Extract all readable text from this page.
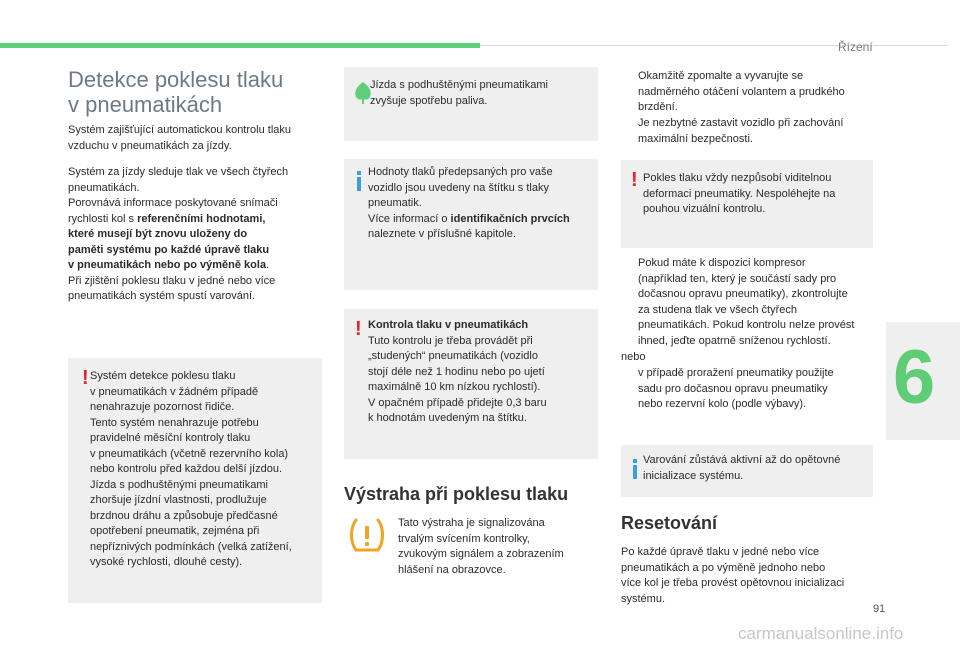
Řízení
6
91
carmanualsonline.info
Detekce poklesu tlaku
v pneumatikách
Systém zajišťující automatickou kontrolu tlaku
vzduchu v pneumatikách za jízdy.
Systém za jízdy sleduje tlak ve všech čtyřech
pneumatikách.
Porovnává informace poskytované snímači
rychlosti kol s referenčními hodnotami,
které musejí být znovu uloženy do
paměti systému po každé úpravě tlaku
v pneumatikách nebo po výměně kola.
Při zjištění poklesu tlaku v jedné nebo více
pneumatikách systém spustí varování.
! Systém detekce poklesu tlaku
v pneumatikách v žádném případě
nenahrazuje pozornost řidiče.
Tento systém nenahrazuje potřebu
pravidelné měsíční kontroly tlaku
v pneumatikách (včetně rezervního kola)
nebo kontrolu před každou delší jízdou.
Jízda s podhuštěnými pneumatikami
zhoršuje jízdní vlastnosti, prodlužuje
brzdnou dráhu a způsobuje předčasné
opotřebení pneumatik, zejména při
nepříznivých podmínkách (velká zatížení,
vysoké rychlosti, dlouhé cesty).
Jízda s podhuštěnými pneumatikami
zvyšuje spotřebu paliva.
Hodnoty tlaků předepsaných pro vaše
vozidlo jsou uvedeny na štítku s tlaky
pneumatik.
Více informací o identifikačních prvcích
naleznete v příslušné kapitole.
! Kontrola tlaku v pneumatikách
Tuto kontrolu je třeba provádět při
„studených“ pneumatikách (vozidlo
stojí déle než 1 hodinu nebo po ujetí
maximálně 10 km nízkou rychlostí).
V opačném případě přidejte 0,3 baru
k hodnotám uvedeným na štítku.
Výstraha při poklesu tlaku
Tato výstraha je signalizována
trvalým svícením kontrolky,
zvukovým signálem a zobrazením
hlášení na obrazovce.
Okamžitě zpomalte a vyvarujte se
nadměrného otáčení volantem a prudkého
brzdění.
Je nezbytné zastavit vozidlo při zachování
maximální bezpečnosti.
! Pokles tlaku vždy nezpůsobí viditelnou
deformaci pneumatiky. Nespoléhejte na
pouhou vizuální kontrolu.
Pokud máte k dispozici kompresor
(například ten, který je součástí sady pro
dočasnou opravu pneumatiky), zkontrolujte
za studena tlak ve všech čtyřech
pneumatikách. Pokud kontrolu nelze provést
ihned, jeďte opatrně sníženou rychlostí.
nebo
v případě proražení pneumatiky použijte
sadu pro dočasnou opravu pneumatiky
nebo rezervní kolo (podle výbavy).
Varování zůstává aktivní až do opětovné
inicializace systému.
Resetování
Po každé úpravě tlaku v jedné nebo více
pneumatikách a po výměně jednoho nebo
více kol je třeba provést opětovnou inicializaci
systému.
